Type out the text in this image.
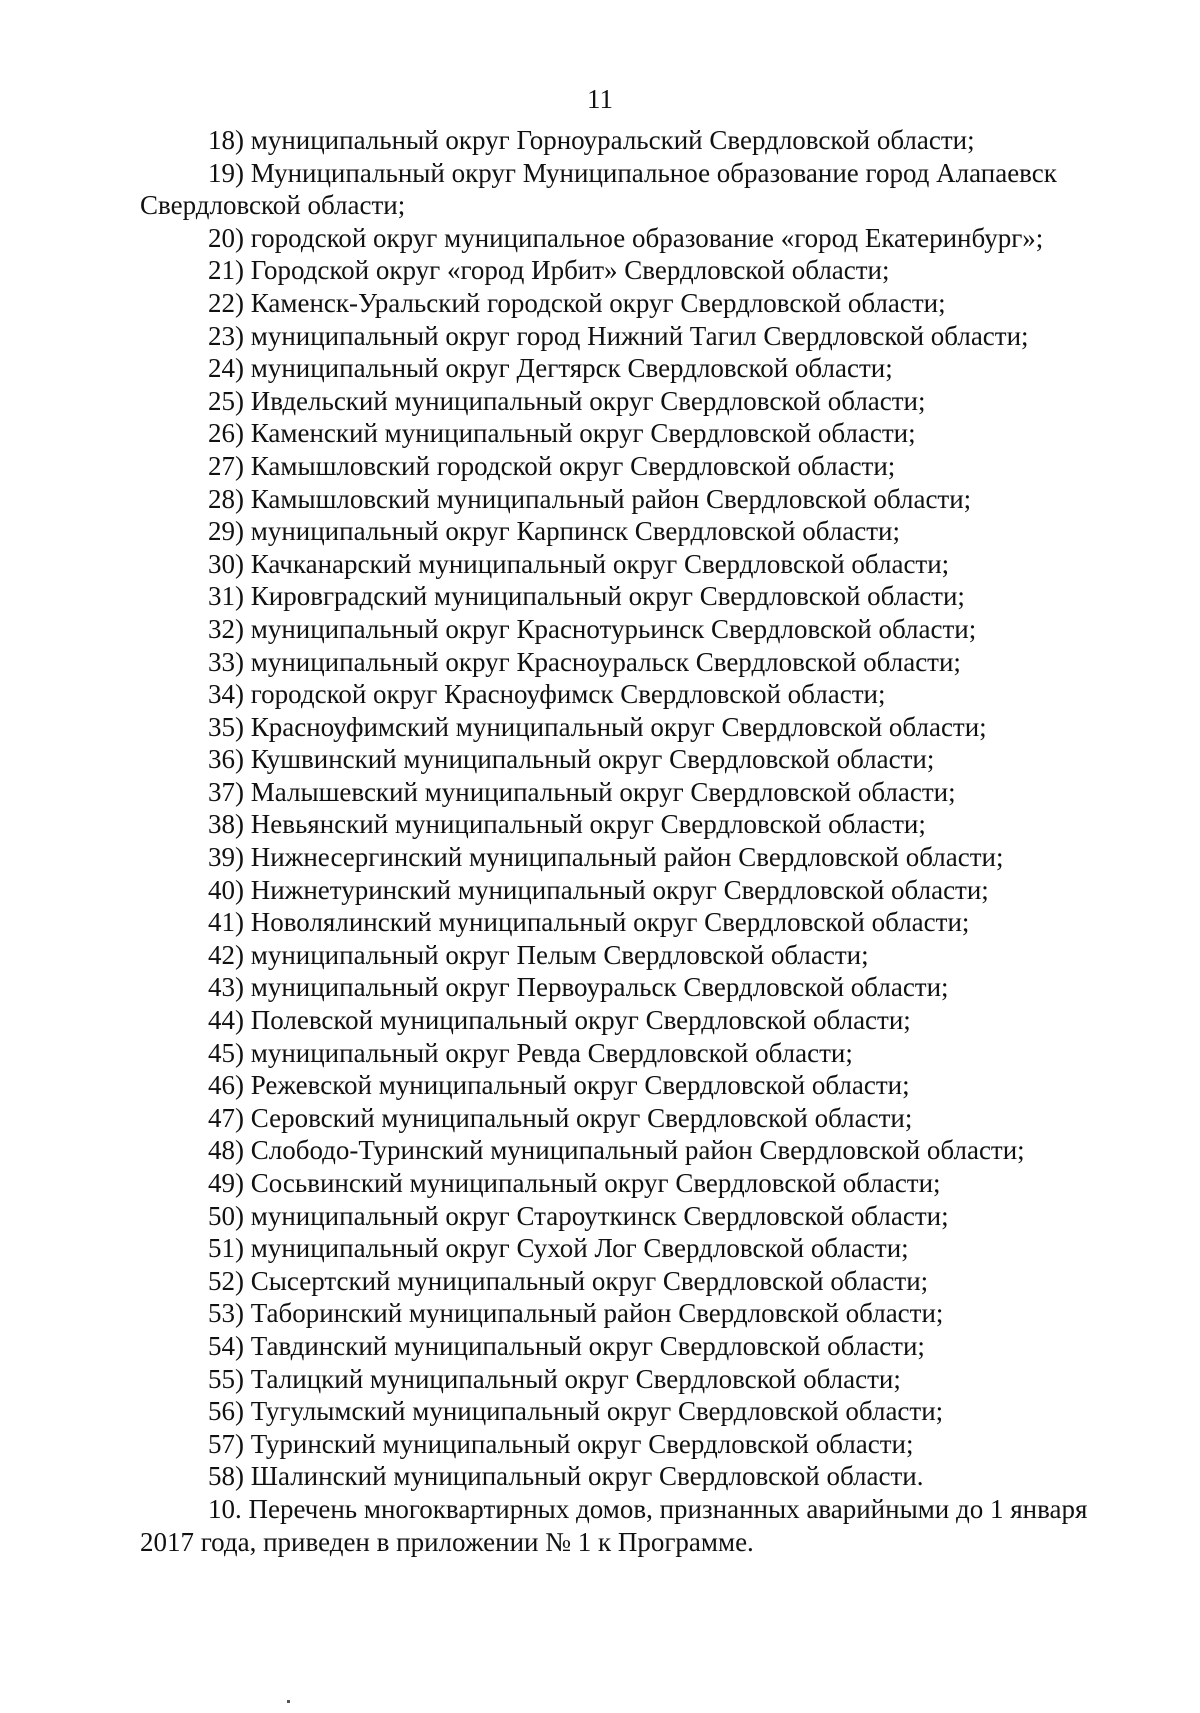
11

18) муниципальный округ Горноуральский Свердловской области;

19) Муниципальный округ Муниципальное образование город Алапаевск
Свердловской области;

20) городской округ муниципальное образование «город Екатеринбург»;

21) Городской округ «город Ирбит» Свердловской области;

22) Каменск-Уральский городской округ Свердловской области;

23) муниципальный округ город Нижний Тагил Свердловской области;

24) муниципальный округ Дегтярск Свердловской области;

25) Ивдельский муниципальный округ Свердловской области;

26) Каменский муниципальный округ Свердловской области;

27) Камышловский городской округ Свердловской области;

28) Камышловский муниципальный район Свердловской области;

29) муниципальный округ Карпинск Свердловской области;

30) Качканарский муниципальный округ Свердловской области;

31) Кировградский муниципальный округ Свердловской области;

32) муниципальный округ Краснотурьинск Свердловской области;

33) муниципальный округ Красноуральск Свердловской области;

34) городской округ Красноуфимск Свердловской области;

35) Красноуфимский муниципальный округ Свердловской области;

36) Кушвинский муниципальный округ Свердловской области;

37) Малышевский муниципальный округ Свердловской области;

38) Невьянский муниципальный округ Свердловской области;

39) Нижнесергинский муниципальный район Свердловской области;

40) Нижнетуринский муниципальный округ Свердловской области;

41) Новолялинский муниципальный округ Свердловской области;

42) муниципальный округ Пелым Свердловской области;

43) муниципальный округ Первоуральск Свердловской области;

44) Полевской муниципальный округ Свердловской области;

45) муниципальный округ Ревда Свердловской области;

46) Режевской муниципальный округ Свердловской области;

47) Серовский муниципальный округ Свердловской области;

48) Слободо-Туринский муниципальный район Свердловской области;

49) Сосьвинский муниципальный округ Свердловской области;

50) муниципальный округ Староуткинск Свердловской области;

51) муниципальный округ Сухой Лог Свердловской области;

52) Сысертский муниципальный округ Свердловской области;

53) Таборинский муниципальный район Свердловской области;

54) Тавдинский муниципальный округ Свердловской области;

55) Талицкий муниципальный округ Свердловской области;

56) Тугулымский муниципальный округ Свердловской области;

57) Туринский муниципальный округ Свердловской области;

58) Шалинский муниципальный округ Свердловской области.

10. Перечень многоквартирных домов, признанных аварийными до 1 января
2017 года, приведен в приложении № 1 к Программе.
